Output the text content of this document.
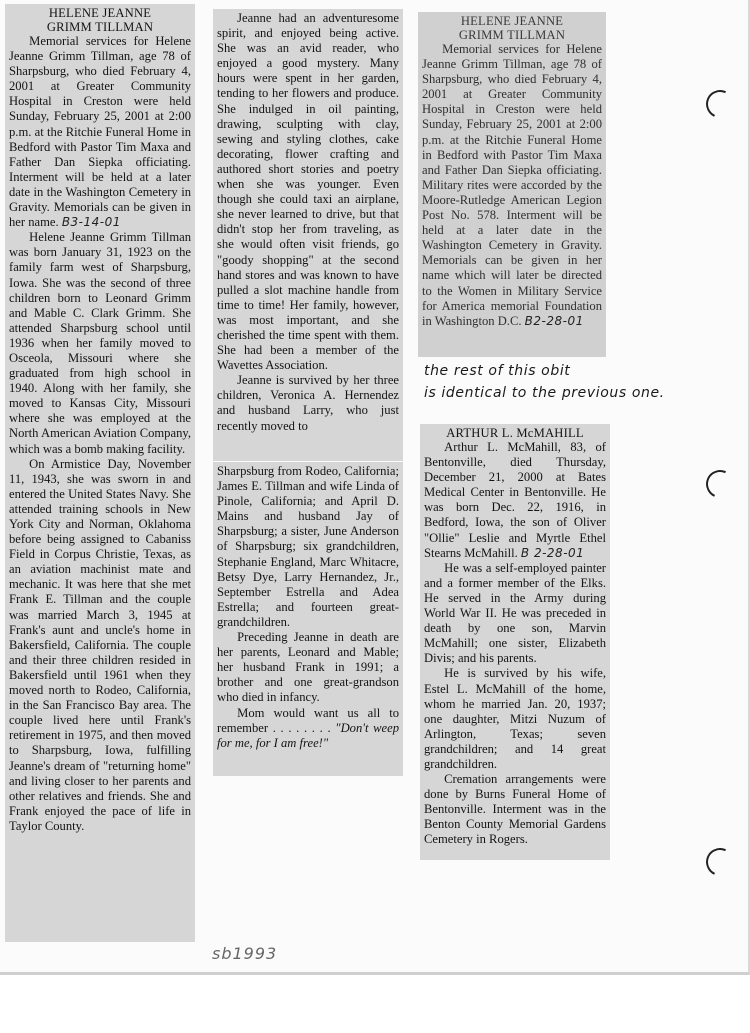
HELENE JEANNE
GRIMM TILLMAN

Memorial services for Helene Jeanne Grimm Tillman, age 78 of Sharpsburg, who died February 4, 2001 at Greater Community Hospital in Creston were held Sunday, February 25, 2001 at 2:00 p.m. at the Ritchie Funeral Home in Bedford with Pastor Tim Maxa and Father Dan Siepka officiating. Interment will be held at a later date in the Washington Cemetery in Gravity. Memorials can be given in her name. B3-14-01

Helene Jeanne Grimm Tillman was born January 31, 1923 on the family farm west of Sharpsburg, Iowa. She was the second of three children born to Leonard Grimm and Mable C. Clark Grimm. She attended Sharpsburg school until 1936 when her family moved to Osceola, Missouri where she graduated from high school in 1940. Along with her family, she moved to Kansas City, Missouri where she was employed at the North American Aviation Company, which was a bomb making facility.

On Armistice Day, November 11, 1943, she was sworn in and entered the United States Navy. She attended training schools in New York City and Norman, Oklahoma before being assigned to Cabaniss Field in Corpus Christie, Texas, as an aviation machinist mate and mechanic. It was here that she met Frank E. Tillman and the couple was married March 3, 1945 at Frank's aunt and uncle's home in Bakersfield, California. The couple and their three children resided in Bakersfield until 1961 when they moved north to Rodeo, California, in the San Francisco Bay area. The couple lived here until Frank's retirement in 1975, and then moved to Sharpsburg, Iowa, fulfilling Jeanne's dream of "returning home" and living closer to her parents and other relatives and friends. She and Frank enjoyed the pace of life in Taylor County.

Jeanne had an adventuresome spirit, and enjoyed being active. She was an avid reader, who enjoyed a good mystery. Many hours were spent in her garden, tending to her flowers and produce. She indulged in oil painting, drawing, sculpting with clay, sewing and styling clothes, cake decorating, flower crafting and authored short stories and poetry when she was younger. Even though she could taxi an airplane, she never learned to drive, but that didn't stop her from traveling, as she would often visit friends, go "goody shopping" at the second hand stores and was known to have pulled a slot machine handle from time to time! Her family, however, was most important, and she cherished the time spent with them. She had been a member of the Wavettes Association.

Jeanne is survived by her three children, Veronica A. Hernendez and husband Larry, who just recently moved to

Sharpsburg from Rodeo, California; James E. Tillman and wife Linda of Pinole, California; and April D. Mains and husband Jay of Sharpsburg; a sister, June Anderson of Sharpsburg; six grandchildren, Stephanie England, Marc Whitacre, Betsy Dye, Larry Hernandez, Jr., September Estrella and Adea Estrella; and fourteen great-grandchildren.

Preceding Jeanne in death are her parents, Leonard and Mable; her husband Frank in 1991; a brother and one great-grandson who died in infancy.

Mom would want us all to remember . . . . . . . . "Don't weep for me, for I am free!"

HELENE JEANNE
GRIMM TILLMAN

Memorial services for Helene Jeanne Grimm Tillman, age 78 of Sharpsburg, who died February 4, 2001 at Greater Community Hospital in Creston were held Sunday, February 25, 2001 at 2:00 p.m. at the Ritchie Funeral Home in Bedford with Pastor Tim Maxa and Father Dan Siepka officiating. Military rites were accorded by the Moore-Rutledge American Legion Post No. 578. Interment will be held at a later date in the Washington Cemetery in Gravity. Memorials can be given in her name which will later be directed to the Women in Military Service for America memorial Foundation in Washington D.C. B2-28-01

the rest of this obit
is identical to the previous one.
ARTHUR L. McMAHILL

Arthur L. McMahill, 83, of Bentonville, died Thursday, December 21, 2000 at Bates Medical Center in Bentonville. He was born Dec. 22, 1916, in Bedford, Iowa, the son of Oliver "Ollie" Leslie and Myrtle Ethel Stearns McMahill. B 2-28-01

He was a self-employed painter and a former member of the Elks. He served in the Army during World War II. He was preceded in death by one son, Marvin McMahill; one sister, Elizabeth Divis; and his parents.

He is survived by his wife, Estel L. McMahill of the home, whom he married Jan. 20, 1937; one daughter, Mitzi Nuzum of Arlington, Texas; seven grandchildren; and 14 great grandchildren.

Cremation arrangements were done by Burns Funeral Home of Bentonville. Interment was in the Benton County Memorial Gardens Cemetery in Rogers.

sb1993
